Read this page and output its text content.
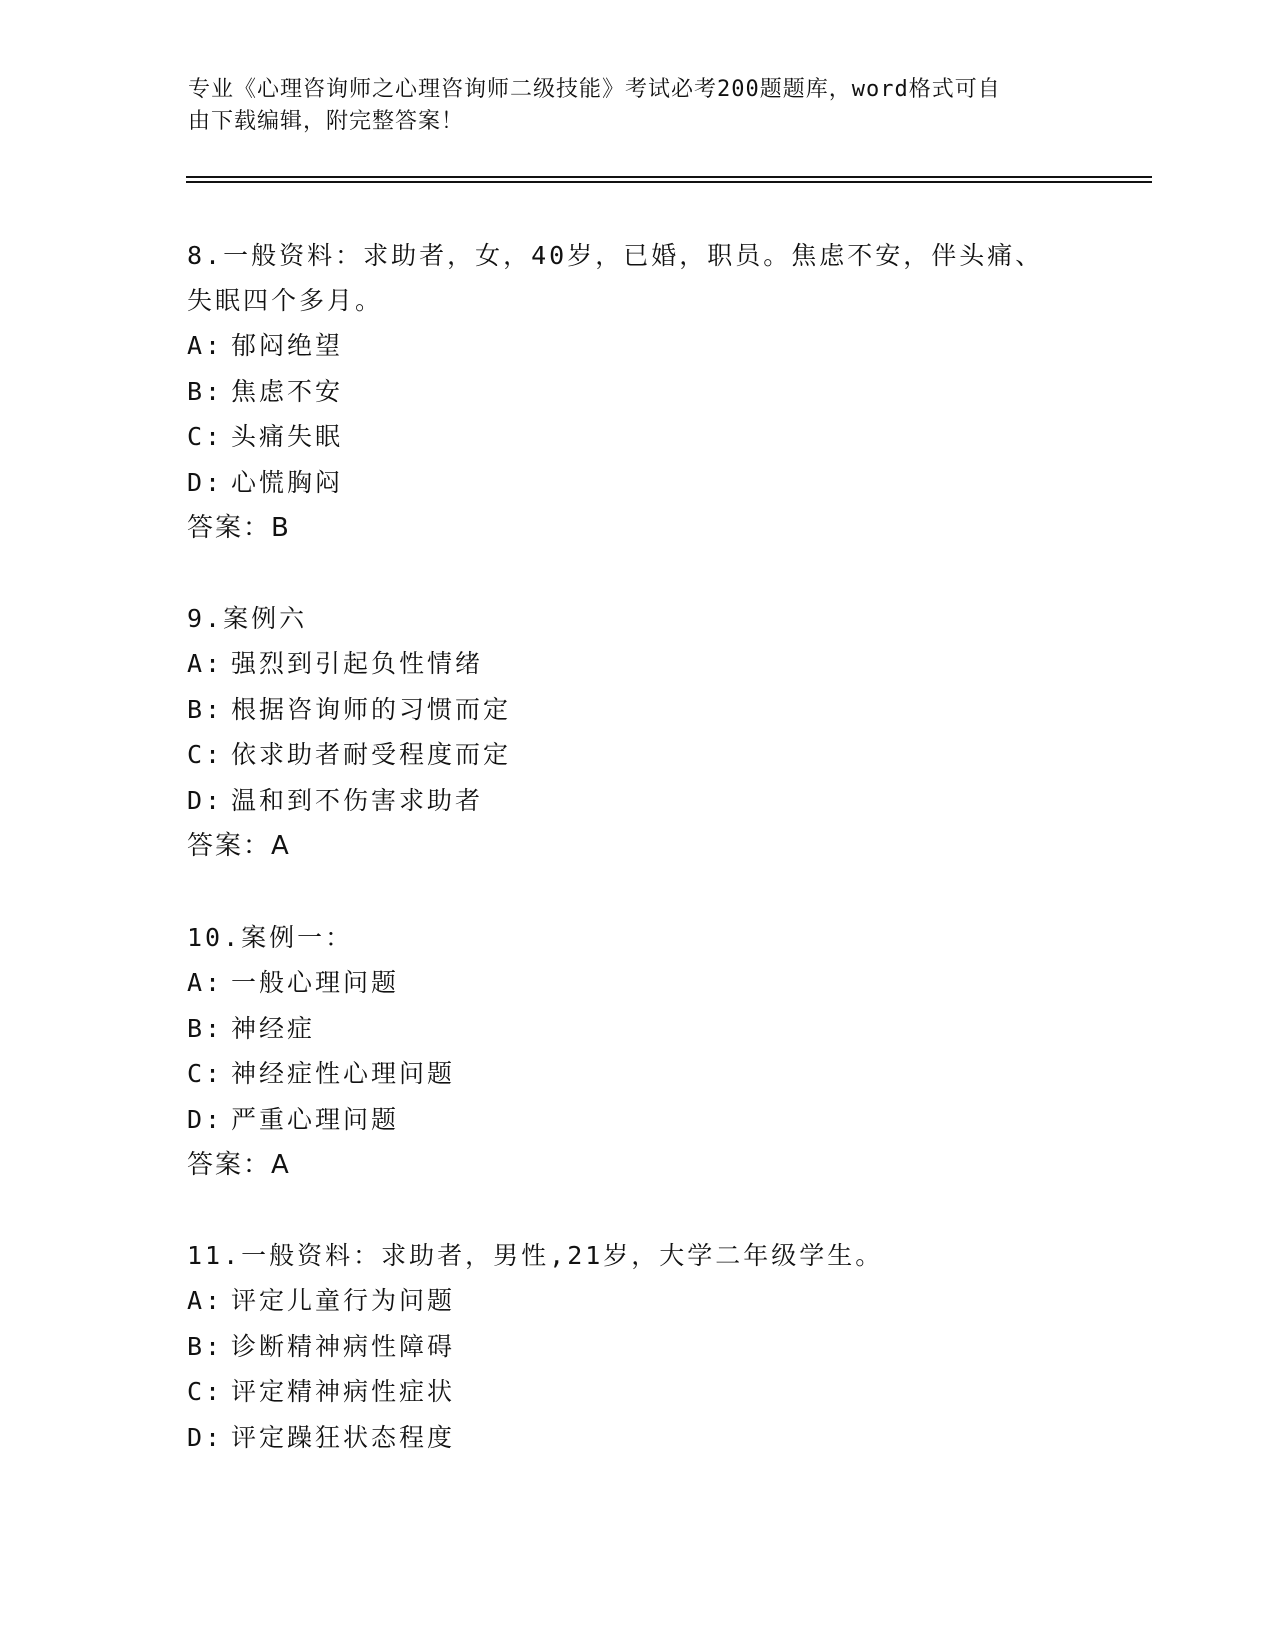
专业《心理咨询师之心理咨询师二级技能》考试必考200题题库，word格式可自
由下载编辑，附完整答案！

8.一般资料：求助者，女，40岁，已婚，职员。焦虑不安，伴头痛、

失眠四个多月。

A: 郁闷绝望

B: 焦虑不安

C: 头痛失眠

D: 心慌胸闷

答案：B

9.案例六

A: 强烈到引起负性情绪

B: 根据咨询师的习惯而定

C: 依求助者耐受程度而定

D: 温和到不伤害求助者

答案：A

10.案例一：

A: 一般心理问题

B: 神经症

C: 神经症性心理问题

D: 严重心理问题

答案：A

11.一般资料：求助者，男性,21岁，大学二年级学生。

A: 评定儿童行为问题

B: 诊断精神病性障碍

C: 评定精神病性症状

D: 评定躁狂状态程度
